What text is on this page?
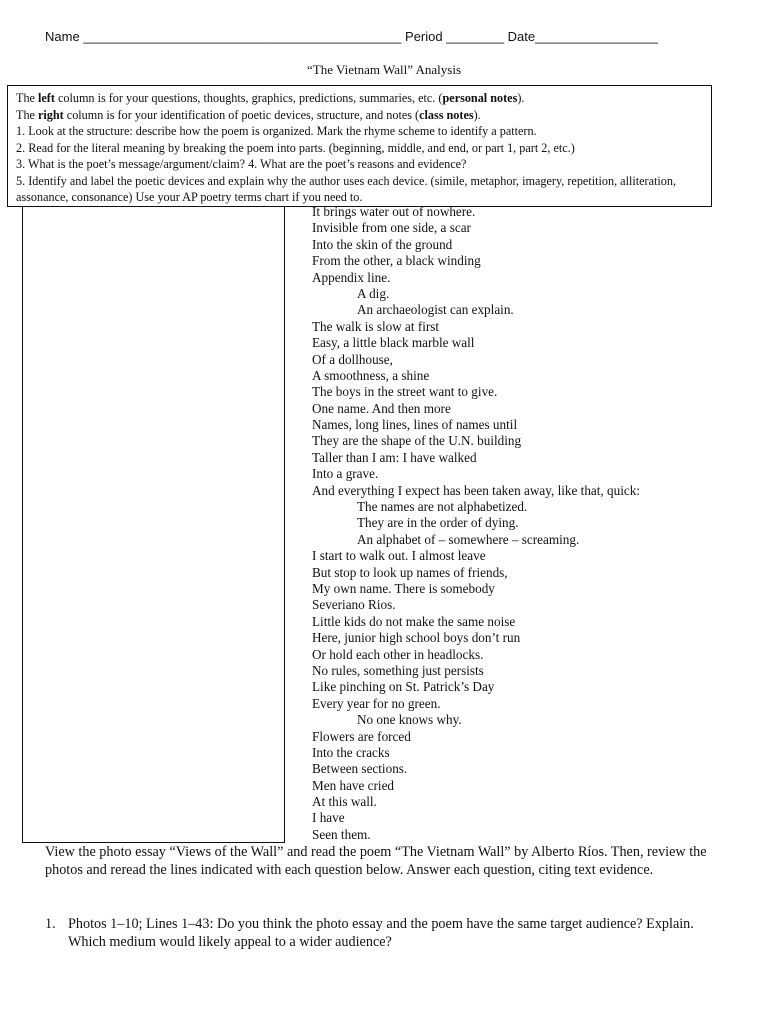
Name ____________________________________________ Period ________ Date_________________
“The Vietnam Wall” Analysis
The left column is for your questions, thoughts, graphics, predictions, summaries, etc. (personal notes).
The right column is for your identification of poetic devices, structure, and notes (class notes).
1. Look at the structure: describe how the poem is organized. Mark the rhyme scheme to identify a pattern.
2. Read for the literal meaning by breaking the poem into parts. (beginning, middle, and end, or part 1, part 2, etc.)
3. What is the poet’s message/argument/claim? 4. What are the poet’s reasons and evidence?
5. Identify and label the poetic devices and explain why the author uses each device. (simile, metaphor, imagery, repetition, alliteration, assonance, consonance) Use your AP poetry terms chart if you need to.
It brings water out of nowhere.
Invisible from one side, a scar
Into the skin of the ground
From the other, a black winding
Appendix line.
A dig.
An archaeologist can explain.
The walk is slow at first
Easy, a little black marble wall
Of a dollhouse,
A smoothness, a shine
The boys in the street want to give.
One name. And then more
Names, long lines, lines of names until
They are the shape of the U.N. building
Taller than I am: I have walked
Into a grave.
And everything I expect has been taken away, like that, quick:
The names are not alphabetized.
They are in the order of dying.
An alphabet of – somewhere – screaming.
I start to walk out. I almost leave
But stop to look up names of friends,
My own name. There is somebody
Severiano Rios.
Little kids do not make the same noise
Here, junior high school boys don’t run
Or hold each other in headlocks.
No rules, something just persists
Like pinching on St. Patrick’s Day
Every year for no green.
No one knows why.
Flowers are forced
Into the cracks
Between sections.
Men have cried
At this wall.
I have
Seen them.
View the photo essay “Views of the Wall” and read the poem “The Vietnam Wall” by Alberto Ríos. Then, review the photos and reread the lines indicated with each question below. Answer each question, citing text evidence.
1. Photos 1–10; Lines 1–43: Do you think the photo essay and the poem have the same target audience? Explain. Which medium would likely appeal to a wider audience?
